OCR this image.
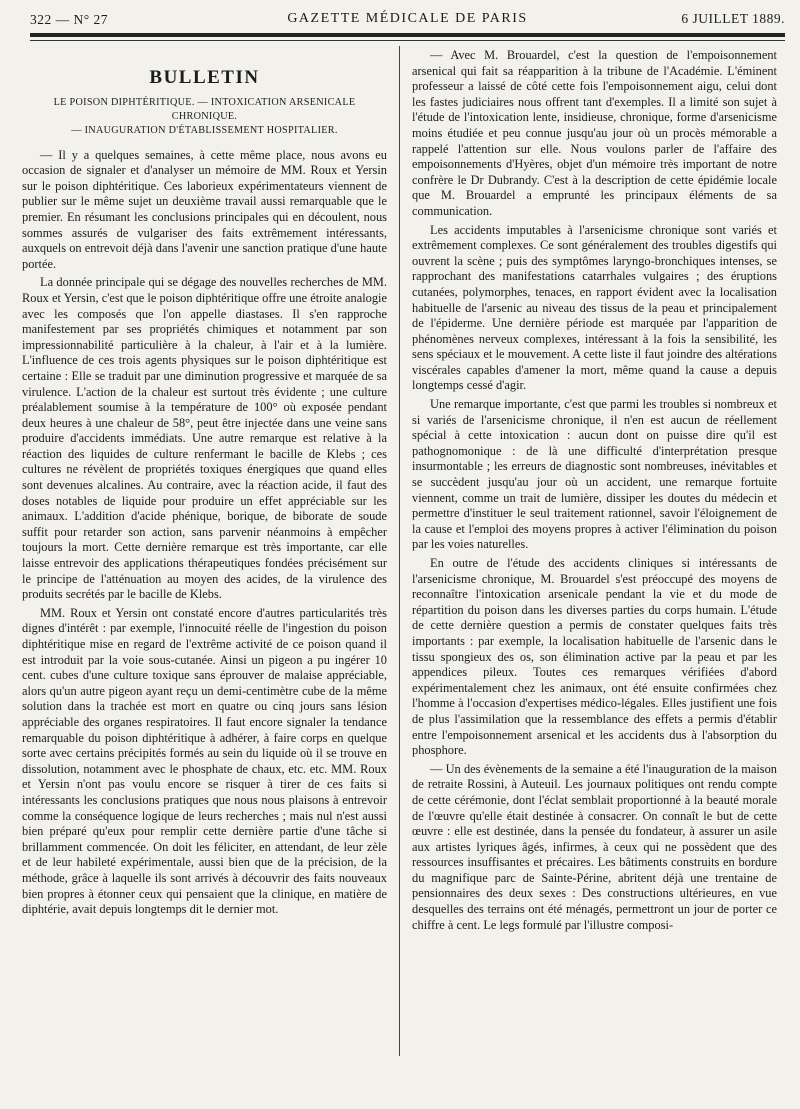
322 — N° 27	GAZETTE MÉDICALE DE PARIS	6 JUILLET 1889.
BULLETIN

LE POISON DIPHTÉRITIQUE. — INTOXICATION ARSENICALE CHRONIQUE.
— INAUGURATION D'ÉTABLISSEMENT HOSPITALIER.

— Il y a quelques semaines, à cette même place, nous avons eu occasion de signaler et d'analyser un mémoire de MM. Roux et Yersin sur le poison diphtéritique. Ces laborieux expérimentateurs viennent de publier sur le même sujet un deuxième travail aussi remarquable que le premier. En résumant les conclusions principales qui en découlent, nous sommes assurés de vulgariser des faits extrêmement intéressants, auxquels on entrevoit déjà dans l'avenir une sanction pratique d'une haute portée.

La donnée principale qui se dégage des nouvelles recherches de MM. Roux et Yersin, c'est que le poison diphtéritique offre une étroite analogie avec les composés que l'on appelle diastases. Il s'en rapproche manifestement par ses propriétés chimiques et notamment par son impressionnabilité particulière à la chaleur, à l'air et à la lumière. L'influence de ces trois agents physiques sur le poison diphtéritique est certaine : Elle se traduit par une diminution progressive et marquée de sa virulence. L'action de la chaleur est surtout très évidente ; une culture préalablement soumise à la température de 100° où exposée pendant deux heures à une chaleur de 58°, peut être injectée dans une veine sans produire d'accidents immédiats. Une autre remarque est relative à la réaction des liquides de culture renfermant le bacille de Klebs ; ces cultures ne révèlent de propriétés toxiques énergiques que quand elles sont devenues alcalines. Au contraire, avec la réaction acide, il faut des doses notables de liquide pour produire un effet appréciable sur les animaux. L'addition d'acide phénique, borique, de biborate de soude suffit pour retarder son action, sans parvenir néanmoins à empêcher toujours la mort. Cette dernière remarque est très importante, car elle laisse entrevoir des applications thérapeutiques fondées précisément sur le principe de l'atténuation au moyen des acides, de la virulence des produits secrétés par le bacille de Klebs.

MM. Roux et Yersin ont constaté encore d'autres particularités très dignes d'intérêt : par exemple, l'innocuité réelle de l'ingestion du poison diphtéritique mise en regard de l'extrême activité de ce poison quand il est introduit par la voie sous-cutanée. Ainsi un pigeon a pu ingérer 10 cent. cubes d'une culture toxique sans éprouver de malaise appréciable, alors qu'un autre pigeon ayant reçu un demi-centimètre cube de la même solution dans la trachée est mort en quatre ou cinq jours sans lésion appréciable des organes respiratoires. Il faut encore signaler la tendance remarquable du poison diphtéritique à adhérer, à faire corps en quelque sorte avec certains précipités formés au sein du liquide où il se trouve en dissolution, notamment avec le phosphate de chaux, etc. etc. MM. Roux et Yersin n'ont pas voulu encore se risquer à tirer de ces faits si intéressants les conclusions pratiques que nous nous plaisons à entrevoir comme la conséquence logique de leurs recherches ; mais nul n'est aussi bien préparé qu'eux pour remplir cette dernière partie d'une tâche si brillamment commencée. On doit les féliciter, en attendant, de leur zèle et de leur habileté expérimentale, aussi bien que de la précision, de la méthode, grâce à laquelle ils sont arrivés à découvrir des faits nouveaux bien propres à étonner ceux qui pensaient que la clinique, en matière de diphtérie, avait depuis longtemps dit le dernier mot.

— Avec M. Brouardel, c'est la question de l'empoisonnement arsenical qui fait sa réapparition à la tribune de l'Académie. L'éminent professeur a laissé de côté cette fois l'empoisonnement aigu, celui dont les fastes judiciaires nous offrent tant d'exemples. Il a limité son sujet à l'étude de l'intoxication lente, insidieuse, chronique, forme d'arsenicisme moins étudiée et peu connue jusqu'au jour où un procès mémorable a rappelé l'attention sur elle. Nous voulons parler de l'affaire des empoisonnements d'Hyères, objet d'un mémoire très important de notre confrère le Dr Dubrandy. C'est à la description de cette épidémie locale que M. Brouardel a emprunté les principaux éléments de sa communication.

Les accidents imputables à l'arsenicisme chronique sont variés et extrêmement complexes. Ce sont généralement des troubles digestifs qui ouvrent la scène ; puis des symptômes laryngo-bronchiques intenses, se rapprochant des manifestations catarrhales vulgaires ; des éruptions cutanées, polymorphes, tenaces, en rapport évident avec la localisation habituelle de l'arsenic au niveau des tissus de la peau et principalement de l'épiderme. Une dernière période est marquée par l'apparition de phénomènes nerveux complexes, intéressant à la fois la sensibilité, les sens spéciaux et le mouvement. A cette liste il faut joindre des altérations viscérales capables d'amener la mort, même quand la cause a depuis longtemps cessé d'agir.

Une remarque importante, c'est que parmi les troubles si nombreux et si variés de l'arsenicisme chronique, il n'en est aucun de réellement spécial à cette intoxication : aucun dont on puisse dire qu'il est pathognomonique : de là une difficulté d'interprétation presque insurmontable ; les erreurs de diagnostic sont nombreuses, inévitables et se succèdent jusqu'au jour où un accident, une remarque fortuite viennent, comme un trait de lumière, dissiper les doutes du médecin et permettre d'instituer le seul traitement rationnel, savoir l'éloignement de la cause et l'emploi des moyens propres à activer l'élimination du poison par les voies naturelles.

En outre de l'étude des accidents cliniques si intéressants de l'arsenicisme chronique, M. Brouardel s'est préoccupé des moyens de reconnaître l'intoxication arsenicale pendant la vie et du mode de répartition du poison dans les diverses parties du corps humain. L'étude de cette dernière question a permis de constater quelques faits très importants : par exemple, la localisation habituelle de l'arsenic dans le tissu spongieux des os, son élimination active par la peau et par les appendices pileux. Toutes ces remarques vérifiées d'abord expérimentalement chez les animaux, ont été ensuite confirmées chez l'homme à l'occasion d'expertises médico-légales. Elles justifient une fois de plus l'assimilation que la ressemblance des effets a permis d'établir entre l'empoisonnement arsenical et les accidents dus à l'absorption du phosphore.

— Un des évènements de la semaine a été l'inauguration de la maison de retraite Rossini, à Auteuil. Les journaux politiques ont rendu compte de cette cérémonie, dont l'éclat semblait proportionné à la beauté morale de l'œuvre qu'elle était destinée à consacrer. On connaît le but de cette œuvre : elle est destinée, dans la pensée du fondateur, à assurer un asile aux artistes lyriques âgés, infirmes, à ceux qui ne possèdent que des ressources insuffisantes et précaires. Les bâtiments construits en bordure du magnifique parc de Sainte-Périne, abritent déjà une trentaine de pensionnaires des deux sexes : Des constructions ultérieures, en vue desquelles des terrains ont été ménagés, permettront un jour de porter ce chiffre à cent. Le legs formulé par l'illustre composi-
